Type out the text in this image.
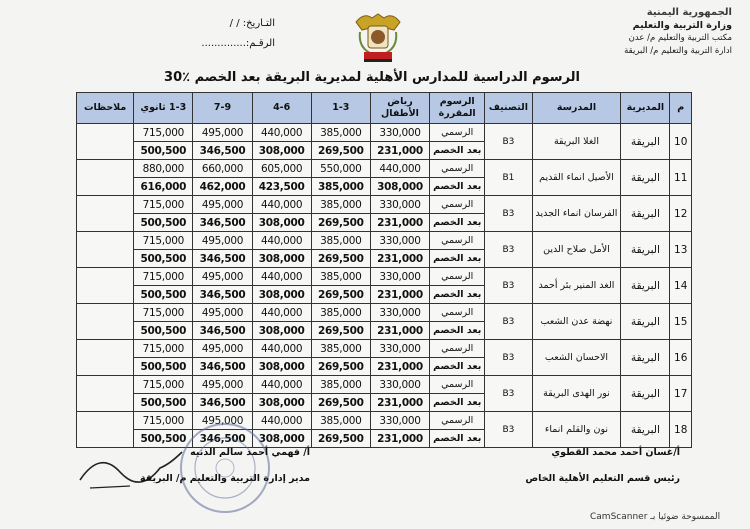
الجمهورية اليمنية
وزارة التربية والتعليم
مكتب التربية والتعليم م/ عدن
ادارة التربية والتعليم م/ البريقة
التـاريخ: / /
الرقـم:..............
الرسوم الدراسية للمدارس الأهلية لمديرية البريقة بعد الخصم ٪30
م	المديرية	المدرسة	التصنيف	الرسوم المقررة	رياض الأطفال	1-3	4-6	7-9	1-3 ثانوي	ملاحظات
10	البريقة	الغلا البريقة	B3	الرسمي	330,000	385,000	440,000	495,000	715,000	
				بعد الخصم	231,000	269,500	308,000	346,500	500,500	
11	البريقة	الأصيل انماء القديم	B1	الرسمي	440,000	550,000	605,000	660,000	880,000	
				بعد الخصم	308,000	385,000	423,500	462,000	616,000	
12	البريقة	الفرسان انماء الجديد	B3	الرسمي	330,000	385,000	440,000	495,000	715,000	
				بعد الخصم	231,000	269,500	308,000	346,500	500,500	
13	البريقة	الأمل صلاح الدين	B3	الرسمي	330,000	385,000	440,000	495,000	715,000	
				بعد الخصم	231,000	269,500	308,000	346,500	500,500	
14	البريقة	الغد المنير بئر أحمد	B3	الرسمي	330,000	385,000	440,000	495,000	715,000	
				بعد الخصم	231,000	269,500	308,000	346,500	500,500	
15	البريقة	نهضة عدن الشعب	B3	الرسمي	330,000	385,000	440,000	495,000	715,000	
				بعد الخصم	231,000	269,500	308,000	346,500	500,500	
16	البريقة	الاحسان الشعب	B3	الرسمي	330,000	385,000	440,000	495,000	715,000	
				بعد الخصم	231,000	269,500	308,000	346,500	500,500	
17	البريقة	نور الهدى البريقة	B3	الرسمي	330,000	385,000	440,000	495,000	715,000	
				بعد الخصم	231,000	269,500	308,000	346,500	500,500	
18	البريقة	نون والقلم انماء	B3	الرسمي	330,000	385,000	440,000	495,000	715,000	
				بعد الخصم	231,000	269,500	308,000	346,500	500,500	
أ/غسان أحمد محمد القطوي
رئيس قسم التعليم الأهلية الخاص
أ/ فهمي أحمد سالم الذنيه
مدير إدارة التربية والتعليم م/ البريقة
CamScanner الممسوحة ضوئيا بـ
